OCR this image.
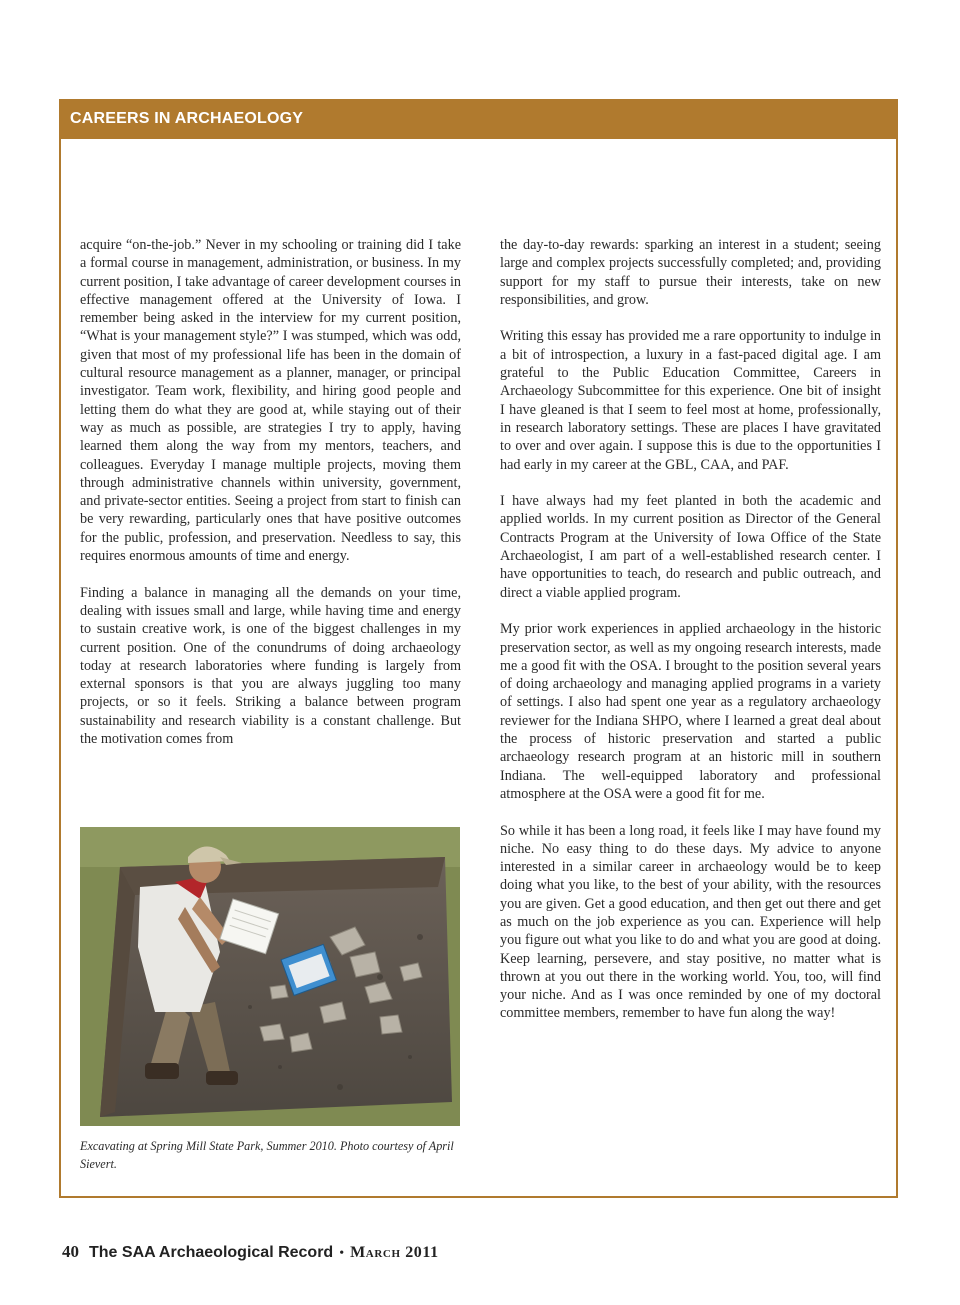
CAREERS IN ARCHAEOLOGY

acquire “on-the-job.” Never in my schooling or training did I take a formal course in management, administration, or business. In my current position, I take advantage of career development courses in effective management offered at the University of Iowa. I remember being asked in the interview for my current position, “What is your management style?” I was stumped, which was odd, given that most of my professional life has been in the domain of cultural resource management as a planner, manager, or principal investigator. Team work, flexibility, and hiring good people and letting them do what they are good at, while staying out of their way as much as possible, are strategies I try to apply, having learned them along the way from my mentors, teachers, and colleagues. Everyday I manage multiple projects, moving them through administrative channels within university, government, and private-sector entities. Seeing a project from start to finish can be very rewarding, particularly ones that have positive outcomes for the public, profession, and preservation. Needless to say, this requires enormous amounts of time and energy.

Finding a balance in managing all the demands on your time, dealing with issues small and large, while having time and energy to sustain creative work, is one of the biggest challenges in my current position. One of the conundrums of doing archaeology today at research laboratories where funding is largely from external sponsors is that you are always juggling too many projects, or so it feels. Striking a balance between program sustainability and research viability is a constant challenge. But the motivation comes from

the day-to-day rewards: sparking an interest in a student; seeing large and complex projects successfully completed; and, providing support for my staff to pursue their interests, take on new responsibilities, and grow.

Writing this essay has provided me a rare opportunity to indulge in a bit of introspection, a luxury in a fast-paced digital age. I am grateful to the Public Education Committee, Careers in Archaeology Subcommittee for this experience. One bit of insight I have gleaned is that I seem to feel most at home, professionally, in research laboratory settings. These are places I have gravitated to over and over again. I suppose this is due to the opportunities I had early in my career at the GBL, CAA, and PAF.

I have always had my feet planted in both the academic and applied worlds. In my current position as Director of the General Contracts Program at the University of Iowa Office of the State Archaeologist, I am part of a well-established research center. I have opportunities to teach, do research and public outreach, and direct a viable applied program.

My prior work experiences in applied archaeology in the historic preservation sector, as well as my ongoing research interests, made me a good fit with the OSA. I brought to the position several years of doing archaeology and managing applied programs in a variety of settings. I also had spent one year as a regulatory archaeology reviewer for the Indiana SHPO, where I learned a great deal about the process of historic preservation and started a public archaeology research program at an historic mill in southern Indiana. The well-equipped laboratory and professional atmosphere at the OSA were a good fit for me.

So while it has been a long road, it feels like I may have found my niche. No easy thing to do these days. My advice to anyone interested in a similar career in archaeology would be to keep doing what you like, to the best of your ability, with the resources you are given. Get a good education, and then get out there and get as much on the job experience as you can. Experience will help you figure out what you like to do and what you are good at doing. Keep learning, persevere, and stay positive, no matter what is thrown at you out there in the working world. You, too, will find your niche. And as I was once reminded by one of my doctoral committee members, remember to have fun along the way!

Excavating at Spring Mill State Park, Summer 2010. Photo courtesy of April Sievert.
40 The SAA Archaeological Record • March 2011
